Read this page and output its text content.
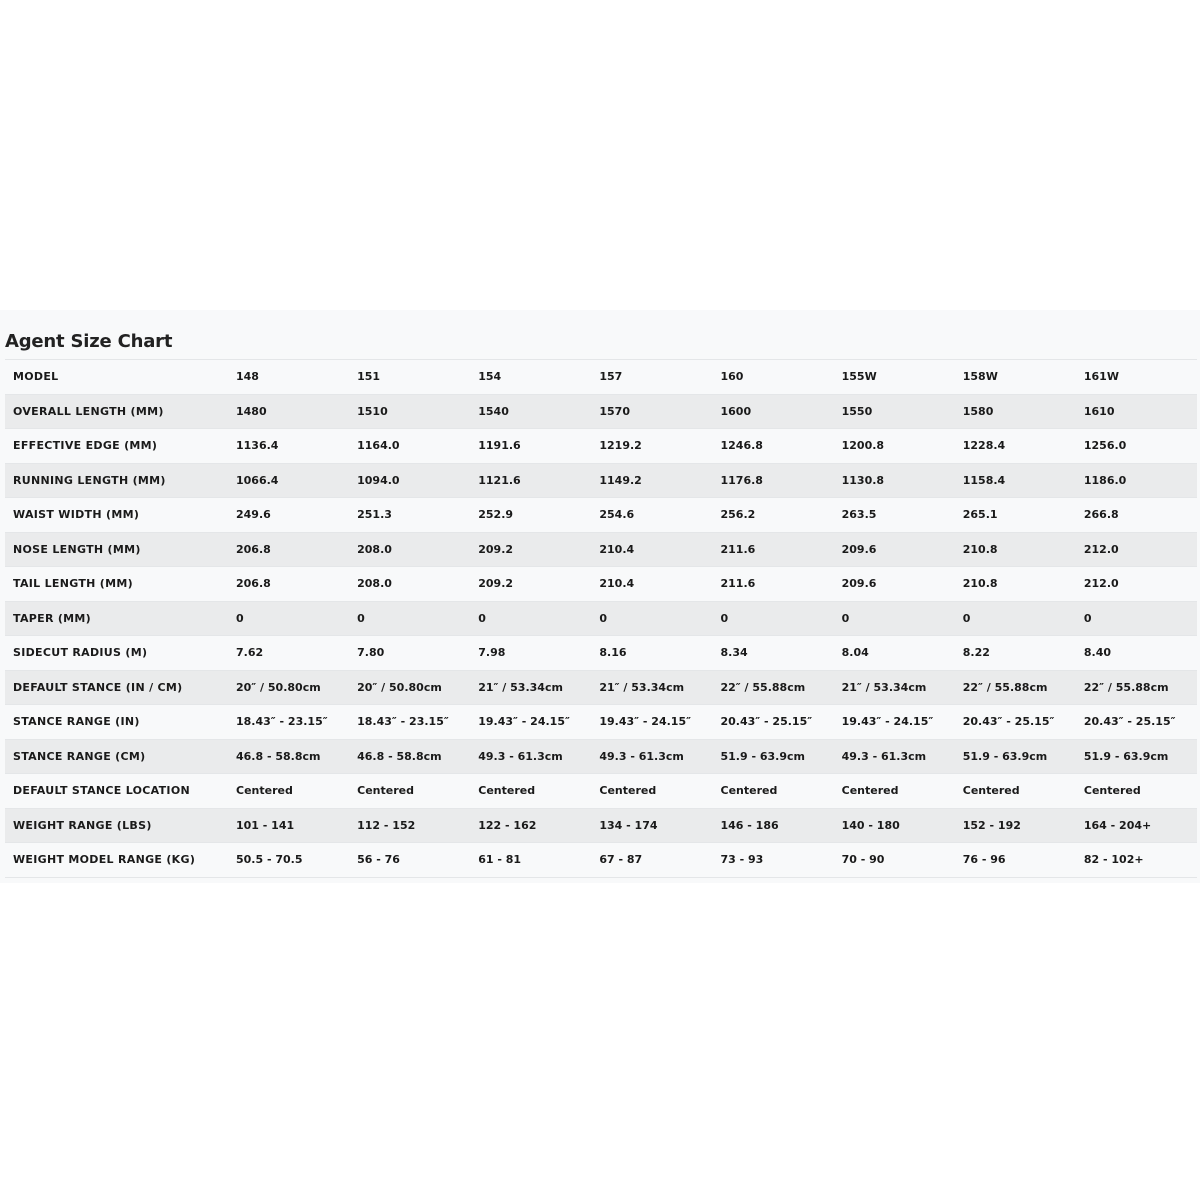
Agent Size Chart
MODEL	148	151	154	157	160	155W	158W	161W
OVERALL LENGTH (MM)	1480	1510	1540	1570	1600	1550	1580	1610
EFFECTIVE EDGE (MM)	1136.4	1164.0	1191.6	1219.2	1246.8	1200.8	1228.4	1256.0
RUNNING LENGTH (MM)	1066.4	1094.0	1121.6	1149.2	1176.8	1130.8	1158.4	1186.0
WAIST WIDTH (MM)	249.6	251.3	252.9	254.6	256.2	263.5	265.1	266.8
NOSE LENGTH (MM)	206.8	208.0	209.2	210.4	211.6	209.6	210.8	212.0
TAIL LENGTH (MM)	206.8	208.0	209.2	210.4	211.6	209.6	210.8	212.0
TAPER (MM)	0	0	0	0	0	0	0	0
SIDECUT RADIUS (M)	7.62	7.80	7.98	8.16	8.34	8.04	8.22	8.40
DEFAULT STANCE (IN / CM)	20″ / 50.80cm	20″ / 50.80cm	21″ / 53.34cm	21″ / 53.34cm	22″ / 55.88cm	21″ / 53.34cm	22″ / 55.88cm	22″ / 55.88cm
STANCE RANGE (IN)	18.43″ - 23.15″	18.43″ - 23.15″	19.43″ - 24.15″	19.43″ - 24.15″	20.43″ - 25.15″	19.43″ - 24.15″	20.43″ - 25.15″	20.43″ - 25.15″
STANCE RANGE (CM)	46.8 - 58.8cm	46.8 - 58.8cm	49.3 - 61.3cm	49.3 - 61.3cm	51.9 - 63.9cm	49.3 - 61.3cm	51.9 - 63.9cm	51.9 - 63.9cm
DEFAULT STANCE LOCATION	Centered	Centered	Centered	Centered	Centered	Centered	Centered	Centered
WEIGHT RANGE (LBS)	101 - 141	112 - 152	122 - 162	134 - 174	146 - 186	140 - 180	152 - 192	164 - 204+
WEIGHT MODEL RANGE (KG)	50.5 - 70.5	56 - 76	61 - 81	67 - 87	73 - 93	70 - 90	76 - 96	82 - 102+
